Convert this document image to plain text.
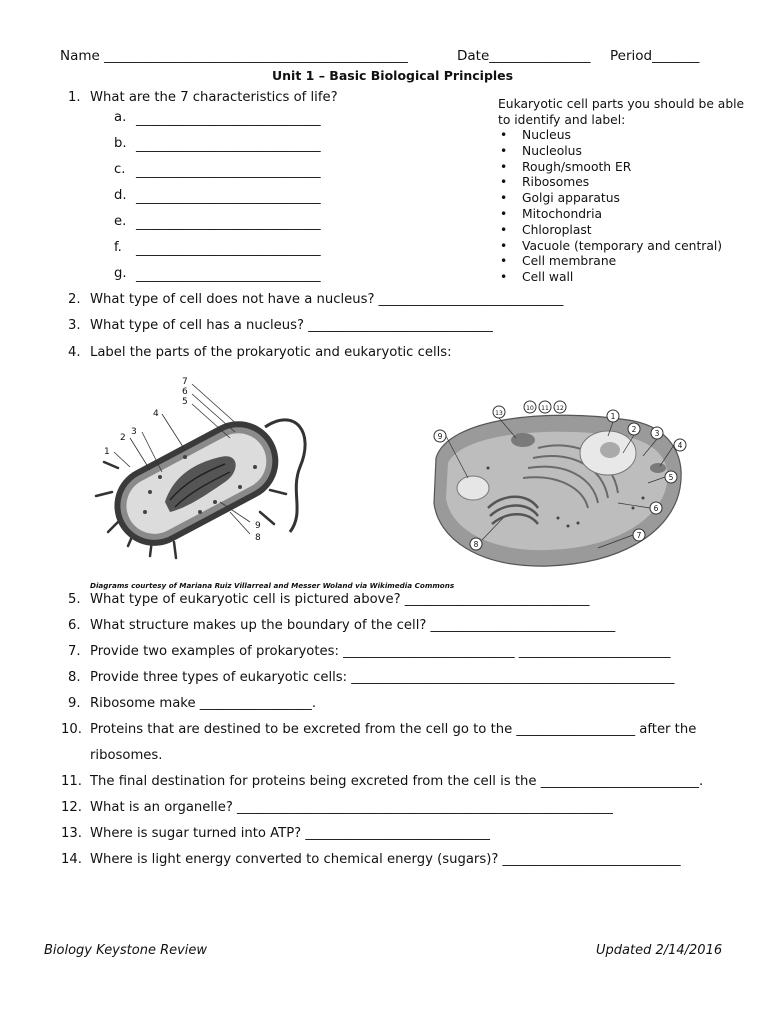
Name _____________________________________________	Date_______________ Period_______
Unit 1 – Basic Biological Principles
1. What are the 7 characteristics of life?
a. ____________________________
b. ____________________________
c. ____________________________
d. ____________________________
e. ____________________________
f. ____________________________
g. ____________________________
Eukaryotic cell parts you should be able
to identify and label:
• Nucleus
• Nucleolus
• Rough/smooth ER
• Ribosomes
• Golgi apparatus
• Mitochondria
• Chloroplast
• Vacuole (temporary and central)
• Cell membrane
• Cell wall
2. What type of cell does not have a nucleus? ____________________________
3. What type of cell has a nucleus? ____________________________
4. Label the parts of the prokaryotic and eukaryotic cells:
7
6
5
4
3
2
1
9
8
1
2 3
4
5
6
7
8
9
10 11 12
13
Diagrams courtesy of Mariana Ruiz Villarreal and Messer Woland via Wikimedia Commons
5. What type of eukaryotic cell is pictured above? ____________________________
6. What structure makes up the boundary of the cell? ____________________________
7. Provide two examples of prokaryotes: __________________________ _______________________
8. Provide three types of eukaryotic cells: _________________________________________________
9. Ribosome make _________________.
10. Proteins that are destined to be excreted from the cell go to the __________________ after the
ribosomes.
11. The final destination for proteins being excreted from the cell is the ________________________.
12. What is an organelle? _________________________________________________________
13. Where is sugar turned into ATP? ____________________________
14. Where is light energy converted to chemical energy (sugars)? ___________________________
Biology Keystone Review	Updated 2/14/2016
